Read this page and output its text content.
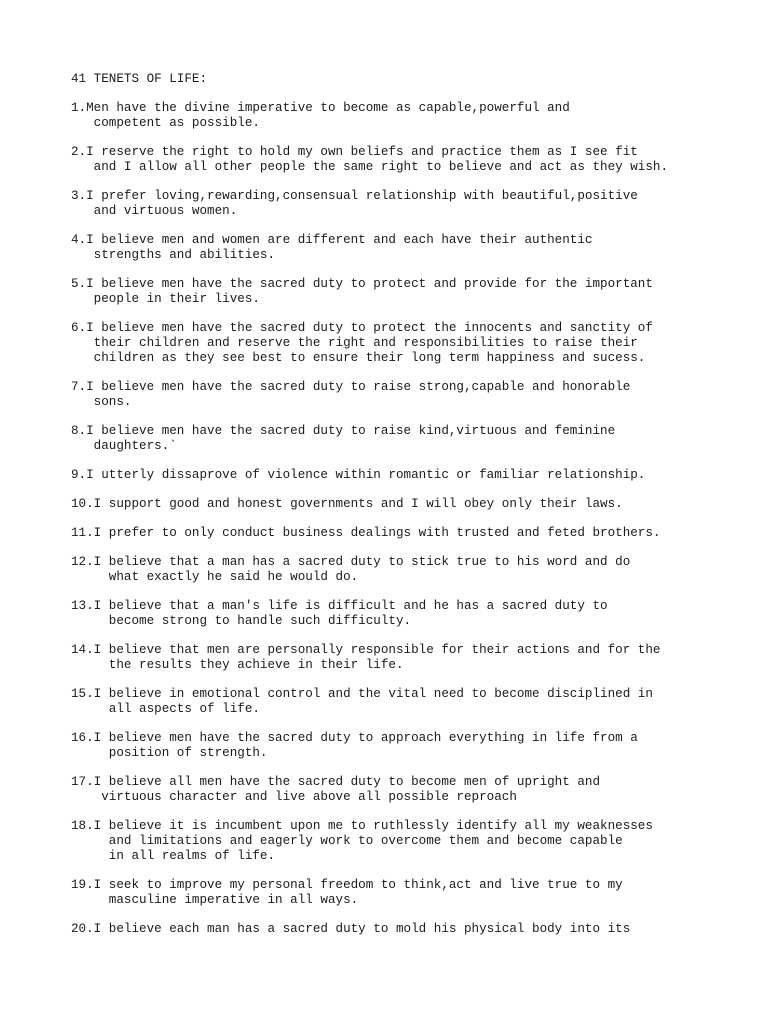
41 TENETS OF LIFE:
1.Men have the divine imperative to become as capable,powerful and
competent as possible.
2.I reserve the right to hold my own beliefs and practice them as I see fit
and I allow all other people the same right to believe and act as they wish.
3.I prefer loving,rewarding,consensual relationship with beautiful,positive
and virtuous women.
4.I believe men and women are different and each have their authentic
strengths and abilities.
5.I believe men have the sacred duty to protect and provide for the important
people in their lives.
6.I believe men have the sacred duty to protect the innocents and sanctity of
their children and reserve the right and responsibilities to raise their
children as they see best to ensure their long term happiness and sucess.
7.I believe men have the sacred duty to raise strong,capable and honorable
sons.
8.I believe men have the sacred duty to raise kind,virtuous and feminine
daughters.`
9.I utterly dissaprove of violence within romantic or familiar relationship.
10.I support good and honest governments and I will obey only their laws.
11.I prefer to only conduct business dealings with trusted and feted brothers.
12.I believe that a man has a sacred duty to stick true to his word and do
what exactly he said he would do.
13.I believe that a man's life is difficult and he has a sacred duty to
become strong to handle such difficulty.
14.I believe that men are personally responsible for their actions and for the
the results they achieve in their life.
15.I believe in emotional control and the vital need to become disciplined in
all aspects of life.
16.I believe men have the sacred duty to approach everything in life from a
position of strength.
17.I believe all men have the sacred duty to become men of upright and
virtuous character and live above all possible reproach
18.I believe it is incumbent upon me to ruthlessly identify all my weaknesses
and limitations and eagerly work to overcome them and become capable
in all realms of life.
19.I seek to improve my personal freedom to think,act and live true to my
masculine imperative in all ways.
20.I believe each man has a sacred duty to mold his physical body into its
